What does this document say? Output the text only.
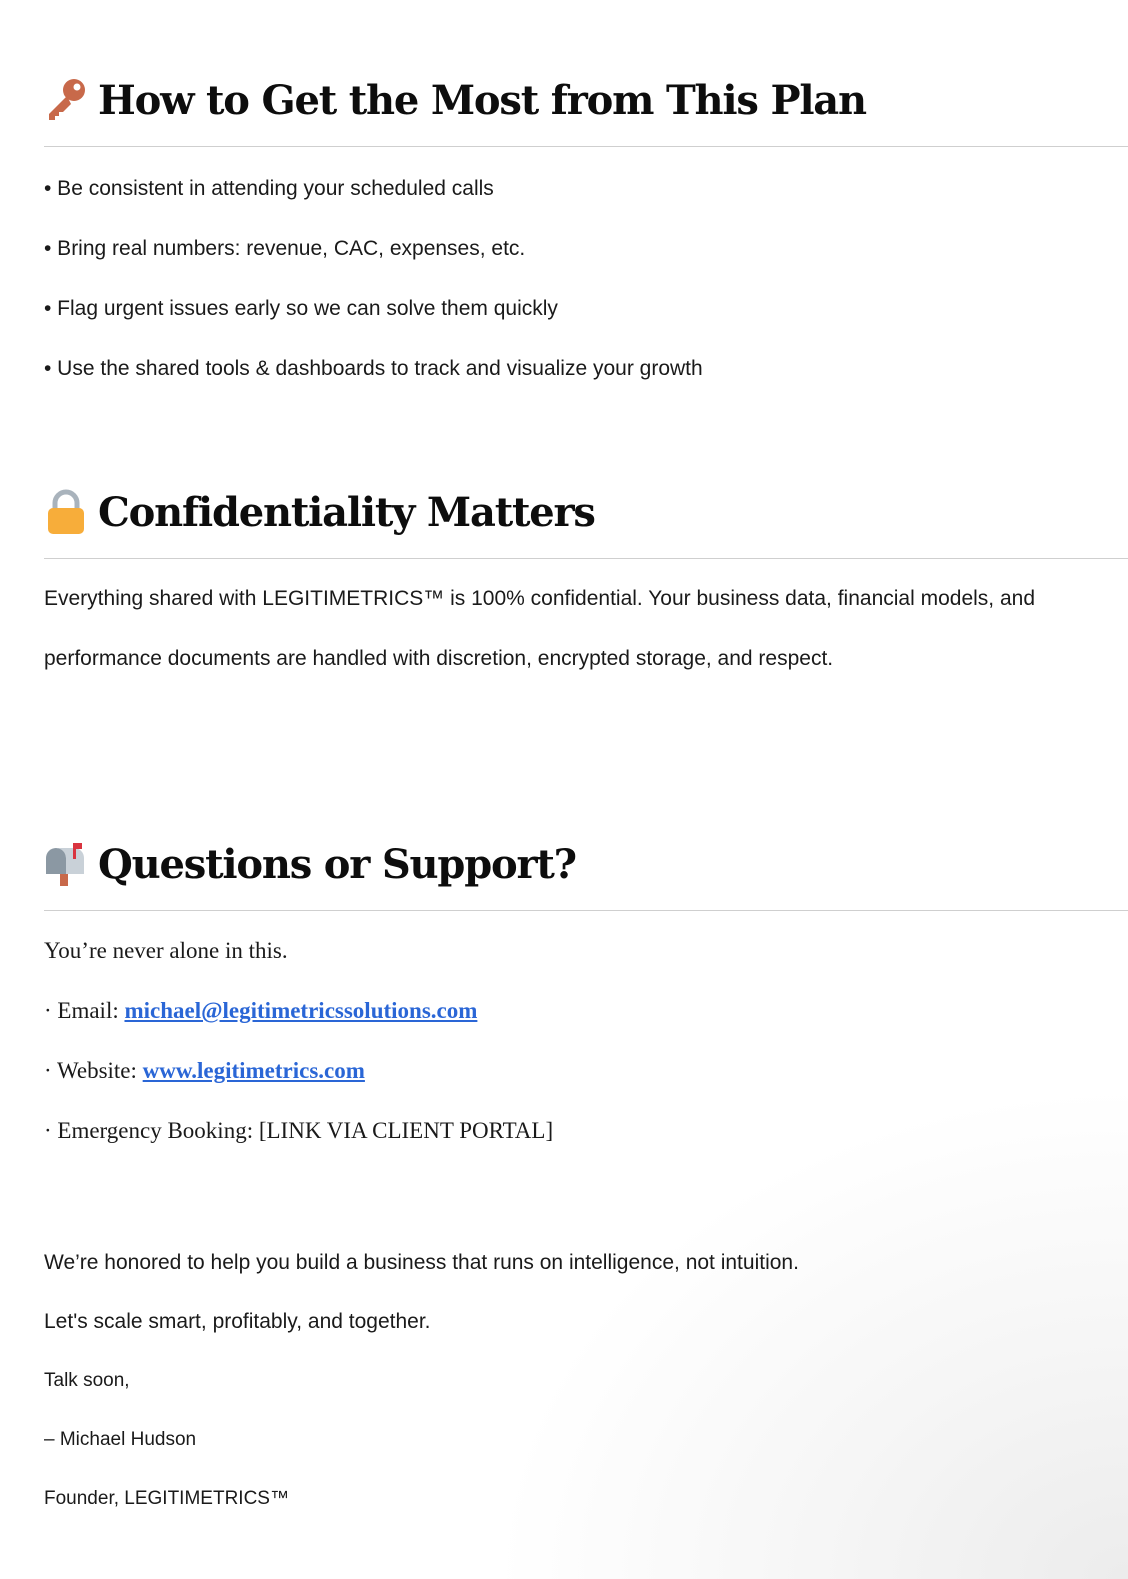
How to Get the Most from This Plan
• Be consistent in attending your scheduled calls
• Bring real numbers: revenue, CAC, expenses, etc.
• Flag urgent issues early so we can solve them quickly
• Use the shared tools & dashboards to track and visualize your growth
Confidentiality Matters

Everything shared with LEGITIMETRICS™ is 100% confidential. Your business data, financial models, and performance documents are handled with discretion, encrypted storage, and respect.

Questions or Support?
You’re never alone in this.
· Email: michael@legitimetricssolutions.com
· Website: www.legitimetrics.com
· Emergency Booking: [LINK VIA CLIENT PORTAL]
We’re honored to help you build a business that runs on intelligence, not intuition.
Let's scale smart, profitably, and together.
Talk soon,
– Michael Hudson
Founder, LEGITIMETRICS™
